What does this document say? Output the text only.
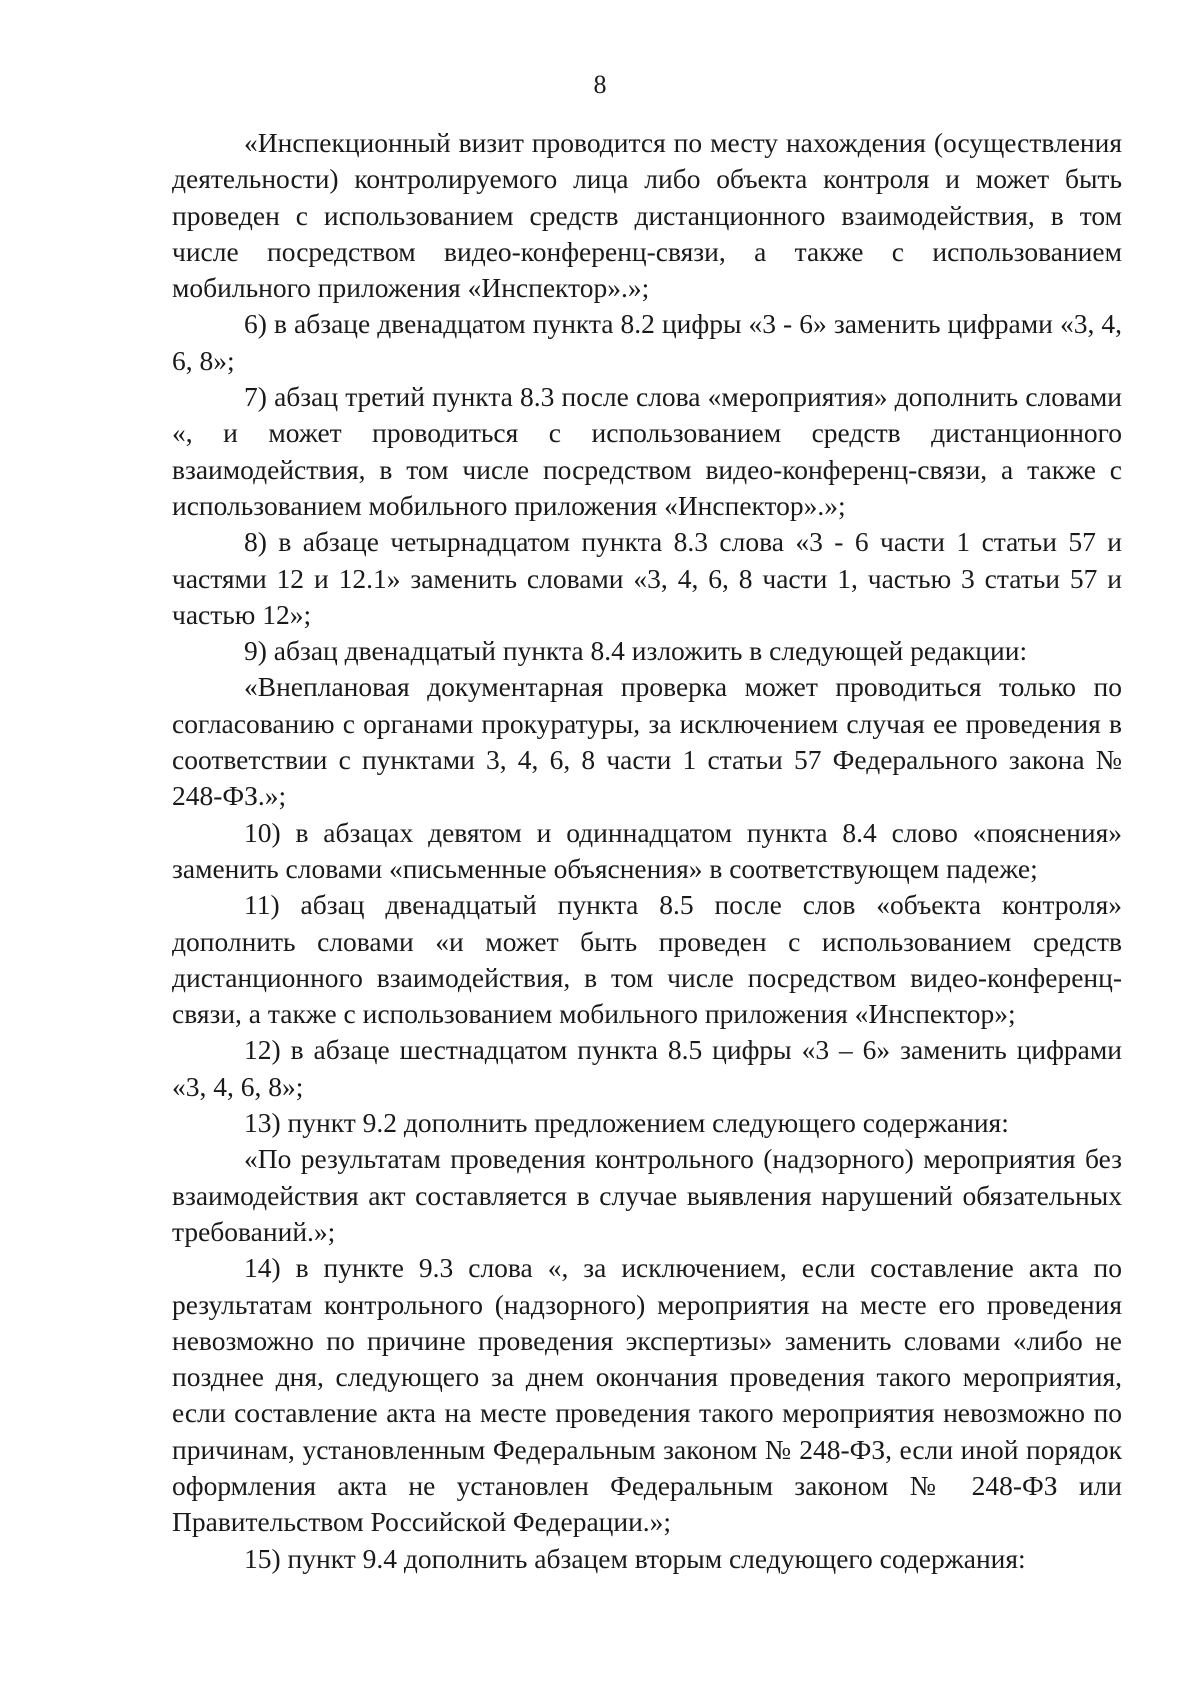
8

«Инспекционный визит проводится по месту нахождения (осуществления деятельности) контролируемого лица либо объекта контроля и может быть проведен с использованием средств дистанционного взаимодействия, в том числе посредством видео-конференц-связи, а также с использованием мобильного приложения «Инспектор».»;

6) в абзаце двенадцатом пункта 8.2 цифры «3 - 6» заменить цифрами «3, 4, 6, 8»;

7) абзац третий пункта 8.3 после слова «мероприятия» дополнить словами «, и может проводиться с использованием средств дистанционного взаимодействия, в том числе посредством видео-конференц-связи, а также с использованием мобильного приложения «Инспектор».»;

8) в абзаце четырнадцатом пункта 8.3 слова «3 - 6 части 1 статьи 57 и частями 12 и 12.1» заменить словами «3, 4, 6, 8 части 1, частью 3 статьи 57 и частью 12»;

9) абзац двенадцатый пункта 8.4 изложить в следующей редакции:

«Внеплановая документарная проверка может проводиться только по согласованию с органами прокуратуры, за исключением случая ее проведения в соответствии с пунктами 3, 4, 6, 8 части 1 статьи 57 Федерального закона № 248-ФЗ.»;

10) в абзацах девятом и одиннадцатом пункта 8.4 слово «пояснения» заменить словами «письменные объяснения» в соответствующем падеже;

11) абзац двенадцатый пункта 8.5 после слов «объекта контроля» дополнить словами «и может быть проведен с использованием средств дистанционного взаимодействия, в том числе посредством видео-конференц-связи, а также с использованием мобильного приложения «Инспектор»;

12) в абзаце шестнадцатом пункта 8.5 цифры «3 – 6» заменить цифрами «3, 4, 6, 8»;

13) пункт 9.2 дополнить предложением следующего содержания:

«По результатам проведения контрольного (надзорного) мероприятия без взаимодействия акт составляется в случае выявления нарушений обязательных требований.»;

14) в пункте 9.3 слова «, за исключением, если составление акта по результатам контрольного (надзорного) мероприятия на месте его проведения невозможно по причине проведения экспертизы» заменить словами «либо не позднее дня, следующего за днем окончания проведения такого мероприятия, если составление акта на месте проведения такого мероприятия невозможно по причинам, установленным Федеральным законом № 248-ФЗ, если иной порядок оформления акта не установлен Федеральным законом № 248-ФЗ или Правительством Российской Федерации.»;

15) пункт 9.4 дополнить абзацем вторым следующего содержания:
